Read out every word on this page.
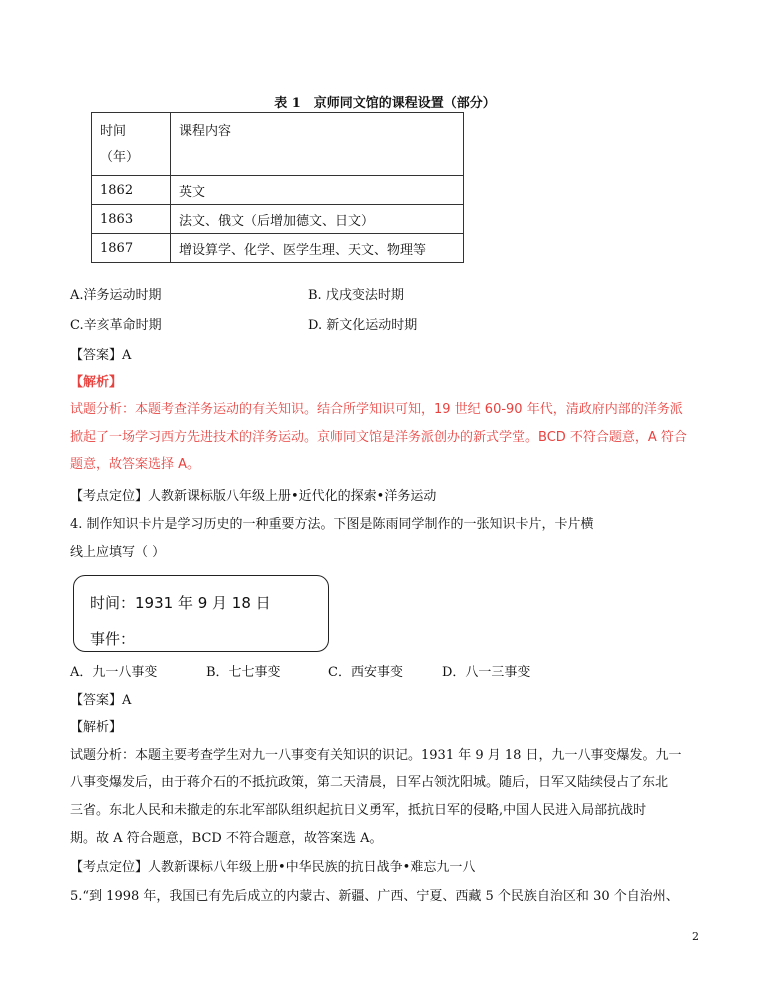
表 1　京师同文馆的课程设置（部分）
时间
（年）	课程内容
1862	英文
1863	法文、俄文（后增加德文、日文）
1867	增设算学、化学、医学生理、天文、物理等
A.洋务运动时期	B. 戊戌变法时期
C.辛亥革命时期	D. 新文化运动时期
【答案】A
【解析】
试题分析：本题考查洋务运动的有关知识。结合所学知识可知，19 世纪 60-90 年代，清政府内部的洋务派
掀起了一场学习西方先进技术的洋务运动。京师同文馆是洋务派创办的新式学堂。BCD 不符合题意，A 符合
题意，故答案选择 A。
【考点定位】人教新课标版八年级上册•近代化的探索•洋务运动
4. 制作知识卡片是学习历史的一种重要方法。下图是陈雨同学制作的一张知识卡片，卡片横
线上应填写（ ）
时间：1931 年 9 月 18 日
事件：
A．九一八事变	B．七七事变	C．西安事变	D．八一三事变
【答案】A
【解析】
试题分析：本题主要考查学生对九一八事变有关知识的识记。1931 年 9 月 18 日，九一八事变爆发。九一
八事变爆发后，由于蒋介石的不抵抗政策，第二天清晨，日军占领沈阳城。随后，日军又陆续侵占了东北
三省。东北人民和未撤走的东北军部队组织起抗日义勇军，抵抗日军的侵略,中国人民进入局部抗战时
期。故 A 符合题意，BCD 不符合题意，故答案选 A。
【考点定位】人教新课标八年级上册•中华民族的抗日战争•难忘九一八
5.“到 1998 年，我国已有先后成立的内蒙古、新疆、广西、宁夏、西藏 5 个民族自治区和 30 个自治州、
2
